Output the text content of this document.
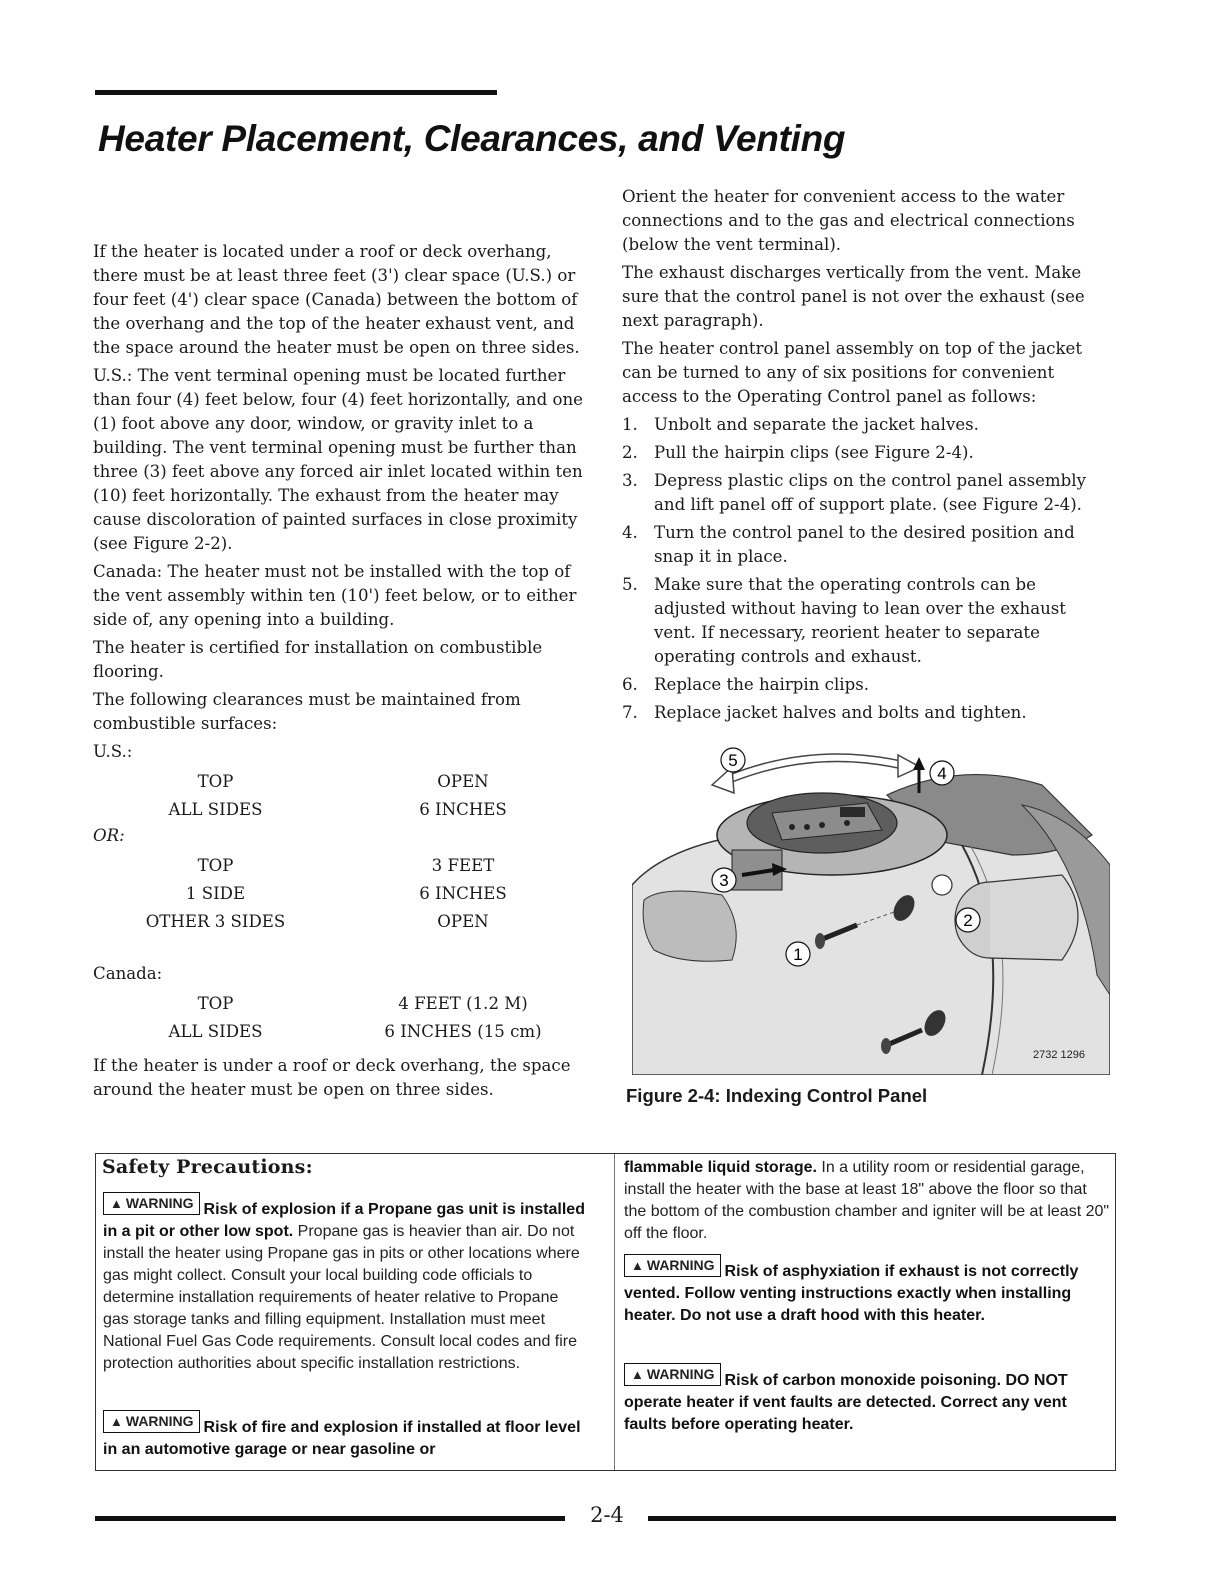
Heater Placement, Clearances, and Venting

If the heater is located under a roof or deck overhang, there must be at least three feet (3') clear space (U.S.) or four feet (4') clear space (Canada) between the bottom of the overhang and the top of the heater exhaust vent, and the space around the heater must be open on three sides.

U.S.: The vent terminal opening must be located further than four (4) feet below, four (4) feet horizontally, and one (1) foot above any door, window, or gravity inlet to a building. The vent terminal opening must be further than three (3) feet above any forced air inlet located within ten (10) feet horizontally. The exhaust from the heater may cause discoloration of painted surfaces in close proximity (see Figure 2-2).

Canada: The heater must not be installed with the top of the vent assembly within ten (10') feet below, or to either side of, any opening into a building.

The heater is certified for installation on combustible flooring.

The following clearances must be maintained from combustible surfaces:

U.S.:

TOP	OPEN
ALL SIDES	6 INCHES

OR:

TOP	3 FEET
1 SIDE	6 INCHES
OTHER 3 SIDES	OPEN

Canada:

TOP	4 FEET (1.2 M)
ALL SIDES	6 INCHES (15 cm)

If the heater is under a roof or deck overhang, the space around the heater must be open on three sides.

Orient the heater for convenient access to the water connections and to the gas and electrical connections (below the vent terminal).

The exhaust discharges vertically from the vent. Make sure that the control panel is not over the exhaust (see next paragraph).

The heater control panel assembly on top of the jacket can be turned to any of six positions for convenient access to the Operating Control panel as follows:

1. Unbolt and separate the jacket halves.
2. Pull the hairpin clips (see Figure 2-4).
3. Depress plastic clips on the control panel assembly and lift panel off of support plate. (see Figure 2-4).
4. Turn the control panel to the desired position and snap it in place.
5. Make sure that the operating controls can be adjusted without having to lean over the exhaust vent. If necessary, reorient heater to separate operating controls and exhaust.
6. Replace the hairpin clips.
7. Replace jacket halves and bolts and tighten.
5
4
3
2
1
2732 1296

Figure 2-4: Indexing Control Panel

Safety Precautions:

▲ WARNING Risk of explosion if a Propane gas unit is installed in a pit or other low spot. Propane gas is heavier than air. Do not install the heater using Propane gas in pits or other locations where gas might collect. Consult your local building code officials to determine installation requirements of heater relative to Propane gas storage tanks and filling equipment. Installation must meet National Fuel Gas Code requirements. Consult local codes and fire protection authorities about specific installation restrictions.

▲ WARNING Risk of fire and explosion if installed at floor level in an automotive garage or near gasoline or

flammable liquid storage. In a utility room or residential garage, install the heater with the base at least 18" above the floor so that the bottom of the combustion chamber and igniter will be at least 20" off the floor.

▲ WARNING Risk of asphyxiation if exhaust is not correctly vented. Follow venting instructions exactly when installing heater. Do not use a draft hood with this heater.

▲ WARNING Risk of carbon monoxide poisoning. DO NOT operate heater if vent faults are detected. Correct any vent faults before operating heater.

2-4
